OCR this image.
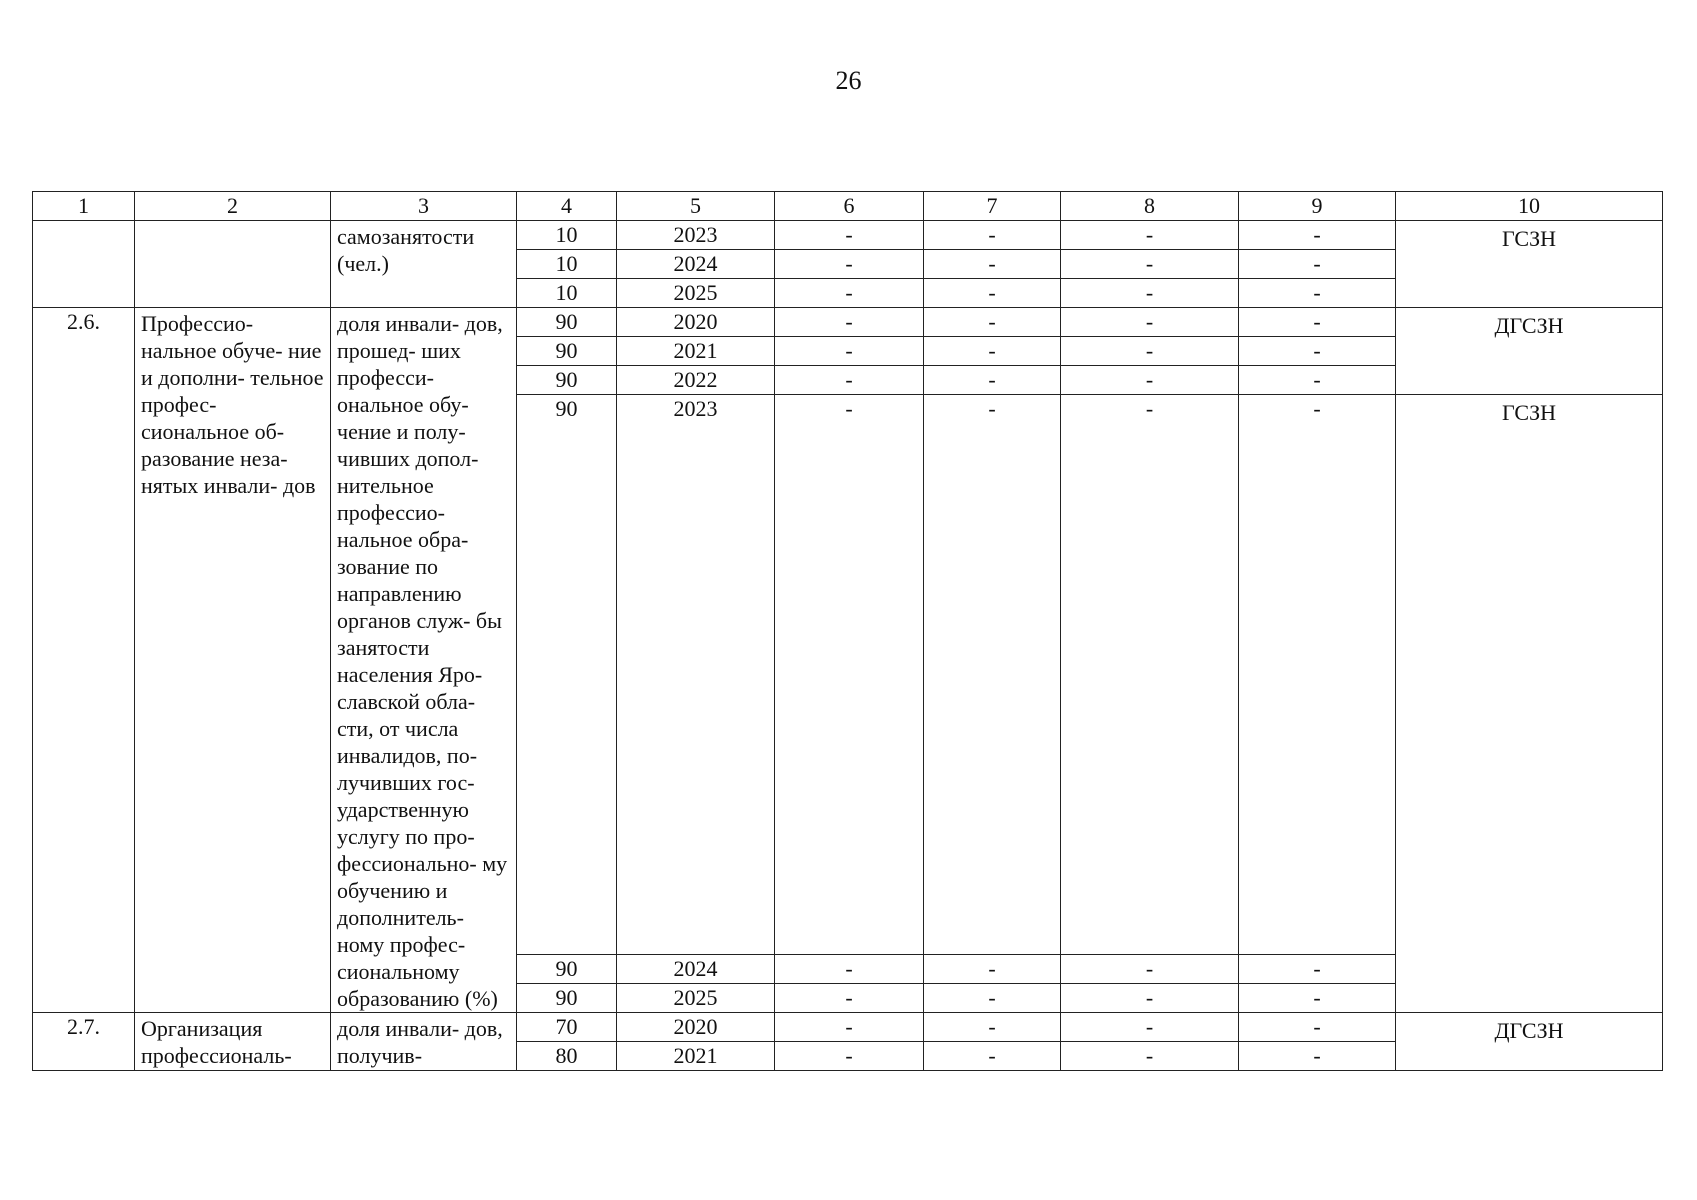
26
1	2	3	4	5	6	7	8	9	10
		самозанятости (чел.)	10	2023	-	-	-	-	ГСЗН

			10	2024	-	-	-	-	
			10	2025	-	-	-	-	
2.6.	Профессио- нальное обуче- ние и дополни- тельное профес- сиональное об- разование неза- нятых инвали- дов	доля инвали- дов, прошед- ших професси- ональное обу- чение и полу- чивших допол- нительное профессио- нальное обра- зование по направлению органов служ- бы занятости населения Яро- славской обла- сти, от числа инвалидов, по- лучивших гос- ударственную услугу по про- фессионально- му обучению и дополнитель- ному профес- сиональному образованию (%)	90	2020	-	-	-	-	ДГСЗН

			90	2021	-	-	-	-	
			90	2022	-	-	-	-	
			90	2023	-	-	-	-	ГСЗН

			90	2024	-	-	-	-	
			90	2025	-	-	-	-	
2.7.	Организация профессиональ-	доля инвали- дов, получив-	70	2020	-	-	-	-	ДГСЗН

			80	2021	-	-	-	-	
